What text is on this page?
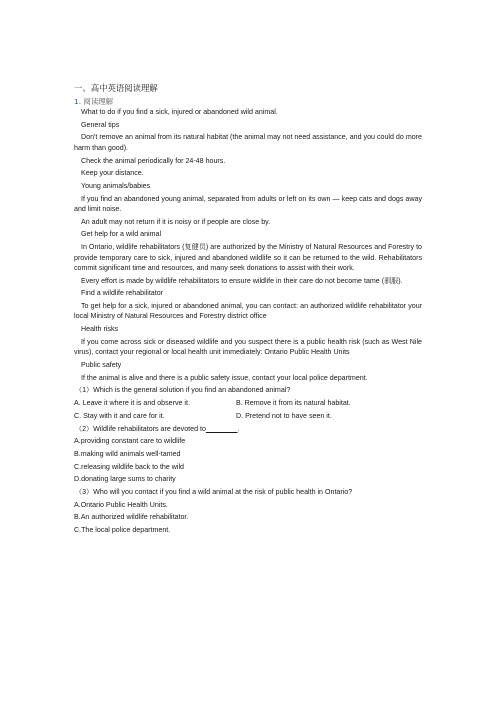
一、高中英语阅读理解
1. 阅读理解
What to do if you find a sick, injured or abandoned wild animal.
General tips
Don't remove an animal from its natural habitat (the animal may not need assistance, and you could do more harm than good).
Check the animal periodically for 24-48 hours.
Keep your distance.
Young animals/babies
If you find an abandoned young animal, separated from adults or left on its own — keep cats and dogs away and limit noise.
An adult may not return if it is noisy or if people are close by.
Get help for a wild animal
In Ontario, wildlife rehabilitators (复健员) are authorized by the Ministry of Natural Resources and Forestry to provide temporary care to sick, injured and abandoned wildlife so it can be returned to the wild. Rehabilitators commit significant time and resources, and many seek donations to assist with their work.
Every effort is made by wildlife rehabilitators to ensure wildlife in their care do not become tame (驯服).
Find a wildlife rehabilitator
To get help for a sick, injured or abandoned animal, you can contact: an authorized wildlife rehabilitator your local Ministry of Natural Resources and Forestry district office
Health risks
If you come across sick or diseased wildlife and you suspect there is a public health risk (such as West Nile virus), contact your regional or local health unit immediately: Ontario Public Health Units
Public safety
If the animal is alive and there is a public safety issue, contact your local police department.
（1）Which is the general solution if you find an abandoned animal?
A. Leave it where it is and observe it.	B. Remove it from its natural habitat.
C. Stay with it and care for it.	D. Pretend not to have seen it.
（2）Wildlife rehabilitators are devoted to________.
A.providing constant care to wildlife
B.making wild animals well-tamed
C.releasing wildlife back to the wild
D.donating large sums to charity
（3）Who will you contact if you find a wild animal at the risk of public health in Ontario?
A.Ontario Public Health Units.
B.An authorized wildlife rehabilitator.
C.The local police department.
